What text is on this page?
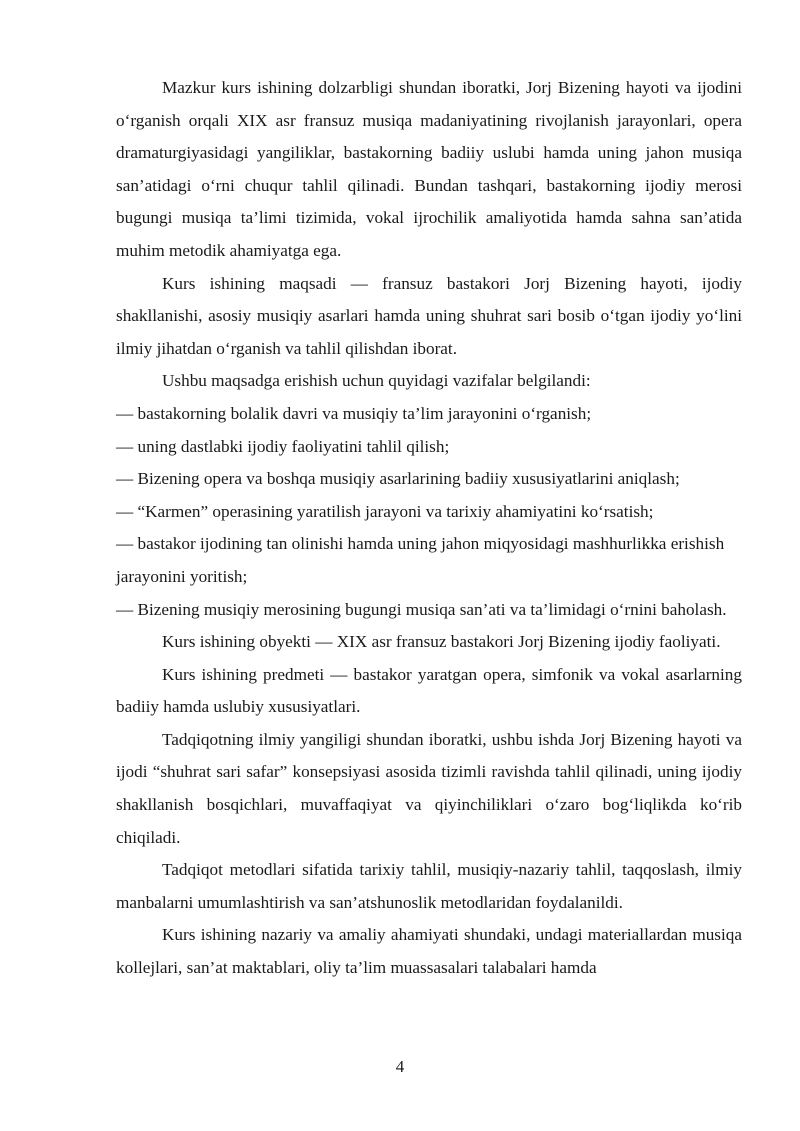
Mazkur kurs ishining dolzarbligi shundan iboratki, Jorj Bizening hayoti va ijodini o‘rganish orqali XIX asr fransuz musiqa madaniyatining rivojlanish jarayonlari, opera dramaturgiyasidagi yangiliklar, bastakorning badiiy uslubi hamda uning jahon musiqa san’atidagi o‘rni chuqur tahlil qilinadi. Bundan tashqari, bastakorning ijodiy merosi bugungi musiqa ta’limi tizimida, vokal ijrochilik amaliyotida hamda sahna san’atida muhim metodik ahamiyatga ega.

Kurs ishining maqsadi — fransuz bastakori Jorj Bizening hayoti, ijodiy shakllanishi, asosiy musiqiy asarlari hamda uning shuhrat sari bosib o‘tgan ijodiy yo‘lini ilmiy jihatdan o‘rganish va tahlil qilishdan iborat.

Ushbu maqsadga erishish uchun quyidagi vazifalar belgilandi:

— bastakorning bolalik davri va musiqiy ta’lim jarayonini o‘rganish;

— uning dastlabki ijodiy faoliyatini tahlil qilish;

— Bizening opera va boshqa musiqiy asarlarining badiiy xususiyatlarini aniqlash;

— “Karmen” operasining yaratilish jarayoni va tarixiy ahamiyatini ko‘rsatish;

— bastakor ijodining tan olinishi hamda uning jahon miqyosidagi mashhurlikka erishish jarayonini yoritish;

— Bizening musiqiy merosining bugungi musiqa san’ati va ta’limidagi o‘rnini baholash.

Kurs ishining obyekti — XIX asr fransuz bastakori Jorj Bizening ijodiy faoliyati.

Kurs ishining predmeti — bastakor yaratgan opera, simfonik va vokal asarlarning badiiy hamda uslubiy xususiyatlari.

Tadqiqotning ilmiy yangiligi shundan iboratki, ushbu ishda Jorj Bizening hayoti va ijodi “shuhrat sari safar” konsepsiyasi asosida tizimli ravishda tahlil qilinadi, uning ijodiy shakllanish bosqichlari, muvaffaqiyat va qiyinchiliklari o‘zaro bog‘liqlikda ko‘rib chiqiladi.

Tadqiqot metodlari sifatida tarixiy tahlil, musiqiy-nazariy tahlil, taqqoslash, ilmiy manbalarni umumlashtirish va san’atshunoslik metodlaridan foydalanildi.

Kurs ishining nazariy va amaliy ahamiyati shundaki, undagi materiallardan musiqa kollejlari, san’at maktablari, oliy ta’lim muassasalari talabalari hamda

4
